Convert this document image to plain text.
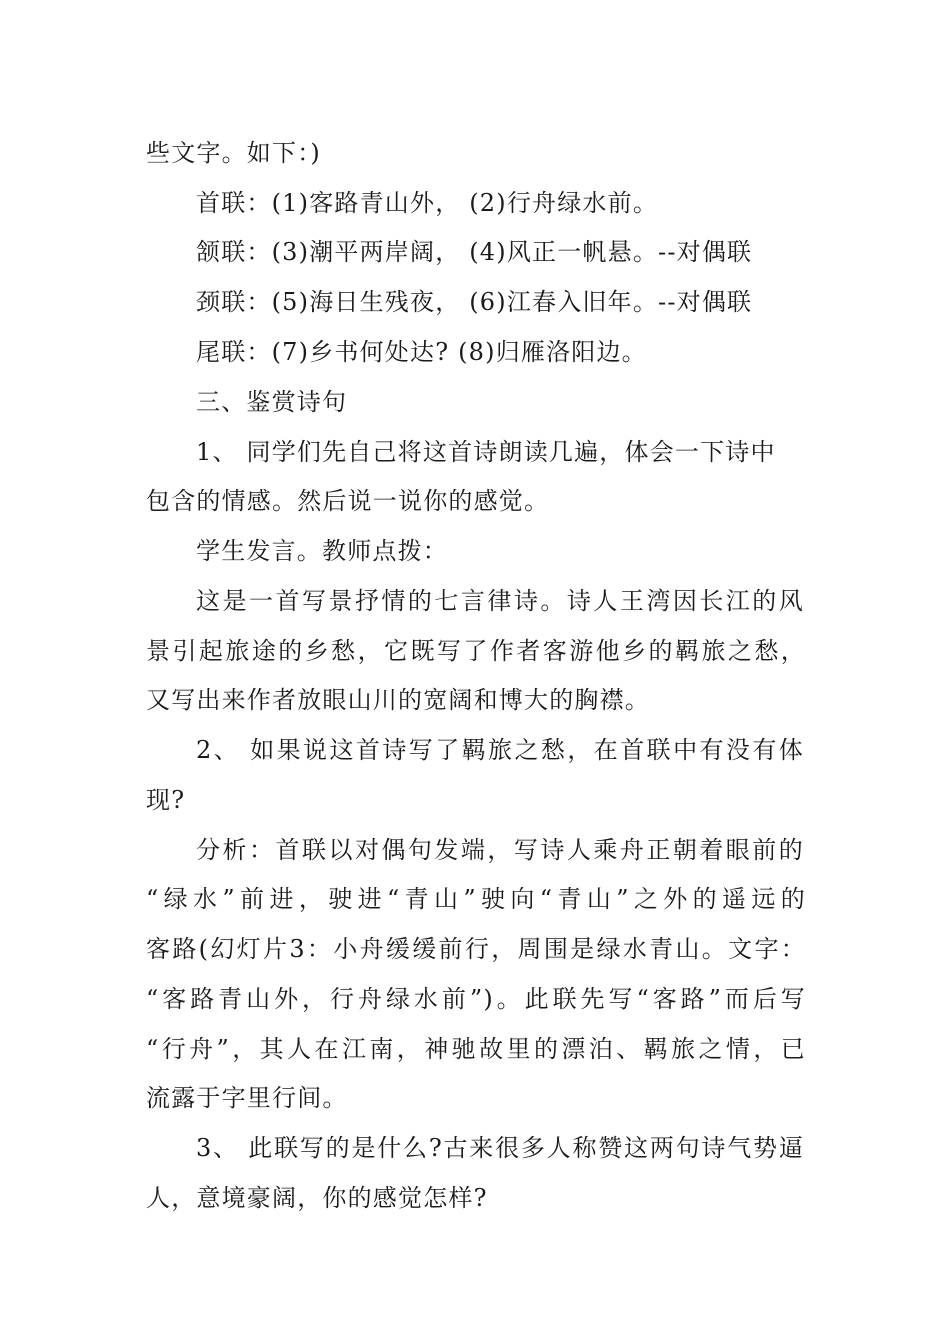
些文字。如下：)
首联：(1)客路青山外， (2)行舟绿水前。
颔联：(3)潮平两岸阔， (4)风正一帆悬。--对偶联
颈联：(5)海日生残夜， (6)江春入旧年。--对偶联
尾联：(7)乡书何处达? (8)归雁洛阳边。
三、鉴赏诗句
1、 同学们先自己将这首诗朗读几遍，体会一下诗中
包含的情感。然后说一说你的感觉。
学生发言。教师点拨：
这是一首写景抒情的七言律诗。诗人王湾因长江的风
景引起旅途的乡愁，它既写了作者客游他乡的羁旅之愁，
又写出来作者放眼山川的宽阔和博大的胸襟。
2、 如果说这首诗写了羁旅之愁，在首联中有没有体
现?
分析：首联以对偶句发端，写诗人乘舟正朝着眼前的
“绿水”前进，驶进“青山”驶向“青山”之外的遥远的
客路(幻灯片3：小舟缓缓前行，周围是绿水青山。文字：
“客路青山外，行舟绿水前”)。此联先写“客路”而后写
“行舟”，其人在江南，神驰故里的漂泊、羁旅之情，已
流露于字里行间。
3、 此联写的是什么?古来很多人称赞这两句诗气势逼
人，意境豪阔，你的感觉怎样?
